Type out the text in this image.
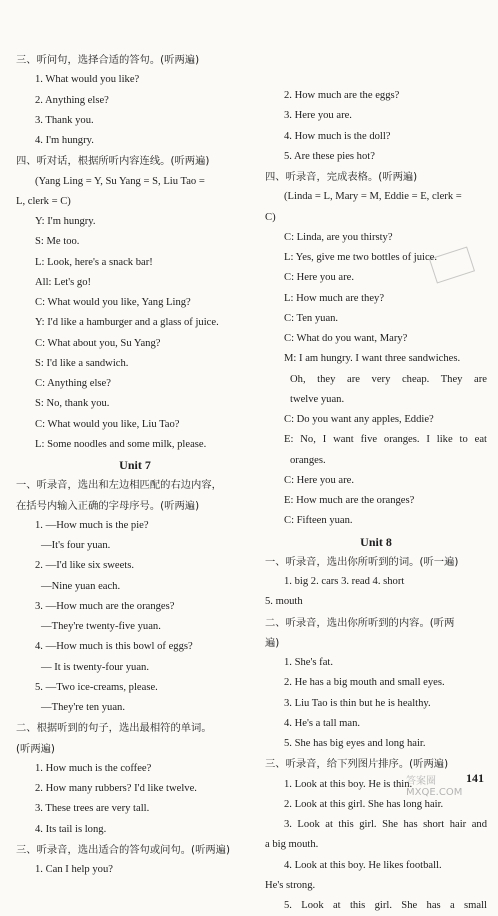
三、听问句，选择合适的答句。(听两遍)
1. What would you like?
2. Anything else?
3. Thank you.
4. I'm hungry.
四、听对话，根据所听内容连线。(听两遍)
(Yang Ling = Y, Su Yang = S, Liu Tao =
L, clerk = C)
Y: I'm hungry.
S: Me too.
L: Look, here's a snack bar!
All: Let's go!
C: What would you like, Yang Ling?
Y: I'd like a hamburger and a glass of juice.
C: What about you, Su Yang?
S: I'd like a sandwich.
C: Anything else?
S: No, thank you.
C: What would you like, Liu Tao?
L: Some noodles and some milk, please.
Unit 7
一、听录音，选出和左边相匹配的右边内容，
在括号内输入正确的字母序号。(听两遍)
1. —How much is the pie?
—It's four yuan.
2. —I'd like six sweets.
—Nine yuan each.
3. —How much are the oranges?
—They're twenty-five yuan.
4. —How much is this bowl of eggs?
— It is twenty-four yuan.
5. —Two ice-creams, please.
—They're ten yuan.
二、根据听到的句子，选出最相符的单词。
(听两遍)
1. How much is the coffee?
2. How many rubbers? I'd like twelve.
3. These trees are very tall.
4. Its tail is long.
三、听录音，选出适合的答句或问句。(听两遍)
1. Can I help you?
2. How much are the eggs?
3. Here you are.
4. How much is the doll?
5. Are these pies hot?
四、听录音，完成表格。(听两遍)
(Linda = L, Mary = M, Eddie = E, clerk =
C)
C: Linda, are you thirsty?
L: Yes, give me two bottles of juice.
C: Here you are.
L: How much are they?
C: Ten yuan.
C: What do you want, Mary?
M: I am hungry. I want three sandwiches.
Oh, they are very cheap. They are
twelve yuan.
C: Do you want any apples, Eddie?
E: No, I want five oranges. I like to eat
oranges.
C: Here you are.
E: How much are the oranges?
C: Fifteen yuan.
Unit 8
一、听录音，选出你所听到的词。(听一遍)
1. big 2. cars 3. read 4. short
5. mouth
二、听录音，选出你所听到的内容。(听两
遍)
1. She's fat.
2. He has a big mouth and small eyes.
3. Liu Tao is thin but he is healthy.
4. He's a tall man.
5. She has big eyes and long hair.
三、听录音，给下列图片排序。(听两遍)
1. Look at this boy. He is thin.
2. Look at this girl. She has long hair.
3. Look at this girl. She has short hair and
a big mouth.
4. Look at this boy. He likes football.
He's strong.
5. Look at this girl. She has a small
141
答案圈 MXQE.COM
